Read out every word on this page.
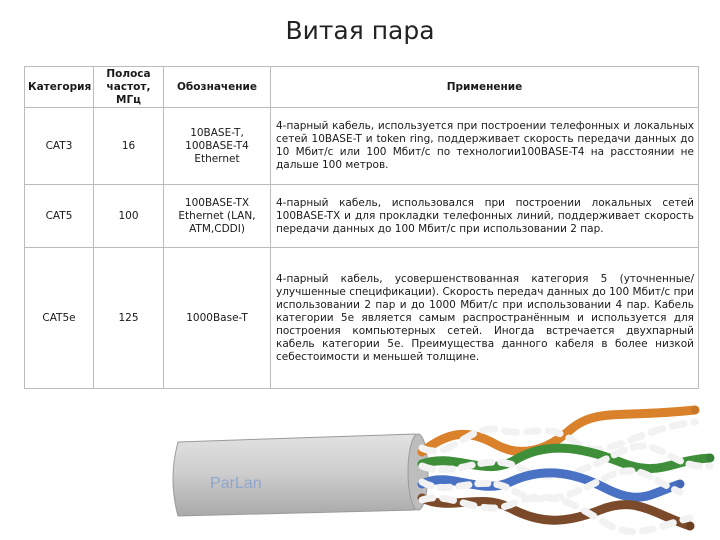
Витая пара
Категория	Полоса частот, МГц	Обозначение	Применение
CAT3	16	10BASE-T, 100BASE-T4 Ethernet	4-парный кабель, используется при построении телефонных и локальных сетей 10BASE-T и token ring, поддерживает скорость передачи данных до 10 Мбит/с или 100 Мбит/с по технологии100BASE-T4 на расстоянии не дальше 100 метров.
CAT5	100	100BASE-TX Ethernet (LAN, ATM,CDDI)	4-парный кабель, использовался при построении локальных сетей 100BASE-TX и для прокладки телефонных линий, поддерживает скорость передачи данных до 100 Мбит/с при использовании 2 пар.
CAT5e	125	1000Base-T	4-парный кабель, усовершенствованная категория 5 (уточненные/улучшенные спецификации). Скорость передач данных до 100 Мбит/с при использовании 2 пар и до 1000 Мбит/с при использовании 4 пар. Кабель категории 5e является самым распространённым и используется для построения компьютерных сетей. Иногда встречается двухпарный кабель категории 5e. Преимущества данного кабеля в более низкой себестоимости и меньшей толщине.
ParLan
